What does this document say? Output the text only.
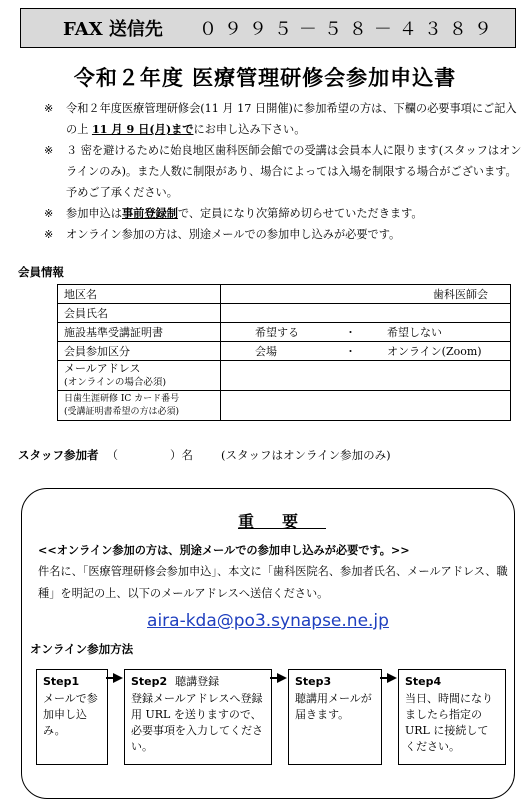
FAX 送信先 ０９９５－５８－４３８９
令和２年度 医療管理研修会参加申込書
※	令和２年度医療管理研修会(11 月 17 日開催)に参加希望の方は、下欄の必要事項にご記入の上 11 月 9 日(月)までにお申し込み下さい。
※	３ 密を避けるために始良地区歯科医師会館での受講は会員本人に限ります(スタッフはオンラインのみ)。また人数に制限があり、場合によっては入場を制限する場合がございます。予めご了承ください。
※	参加申込は事前登録制で、定員になり次第締め切らせていただきます。
※	オンライン参加の方は、別途メールでの参加申し込みが必要です。
会員情報
地区名	歯科医師会
会員氏名	
施設基準受講証明書	希望する ・ 希望しない

会員参加区分	会場 ・ オンライン(Zoom)

メールアドレス
(オンラインの場合必須)	

日歯生涯研修 IC カード番号
(受講証明書希望の方は必須)	

スタッフ参加者 （	）名 (スタッフはオンライン参加のみ)
重要
<<オンライン参加の方は、別途メールでの参加申し込みが必要です。>>
件名に、「医療管理研修会参加申込」、本文に「歯科医院名、参加者氏名、メールアドレス、職種」を明記の上、以下のメールアドレスへ送信ください。
aira-kda@po3.synapse.ne.jp
オンライン参加方法
Step1
メールで参加申し込み。
Step2 聴講登録
登録メールアドレスへ登録用 URL を送りますので、必要事項を入力してください。
Step3
聴講用メールが届きます。
Step4
当日、時間になりましたら指定の URL に接続してください。
